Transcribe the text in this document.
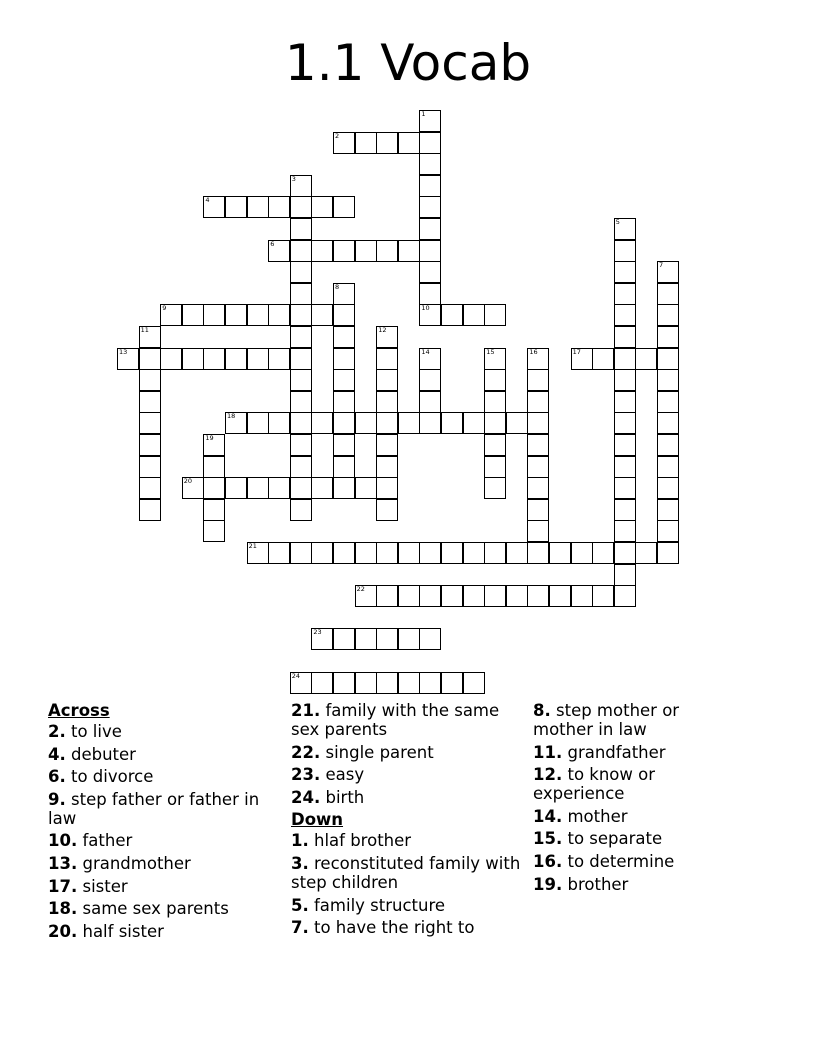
1.1 Vocab
1
2
3
4
5
6
7
8
9	10
11	12
13	14	15	16	17
18
19
20
21
22
23
24
Across
2. to live
4. debuter
6. to divorce
9. step father or father in law
10. father
13. grandmother
17. sister
18. same sex parents
20. half sister
21. family with the same sex parents
22. single parent
23. easy
24. birth
Down
1. hlaf brother
3. reconstituted family with step children
5. family structure
7. to have the right to
8. step mother or mother in law
11. grandfather
12. to know or experience
14. mother
15. to separate
16. to determine
19. brother
